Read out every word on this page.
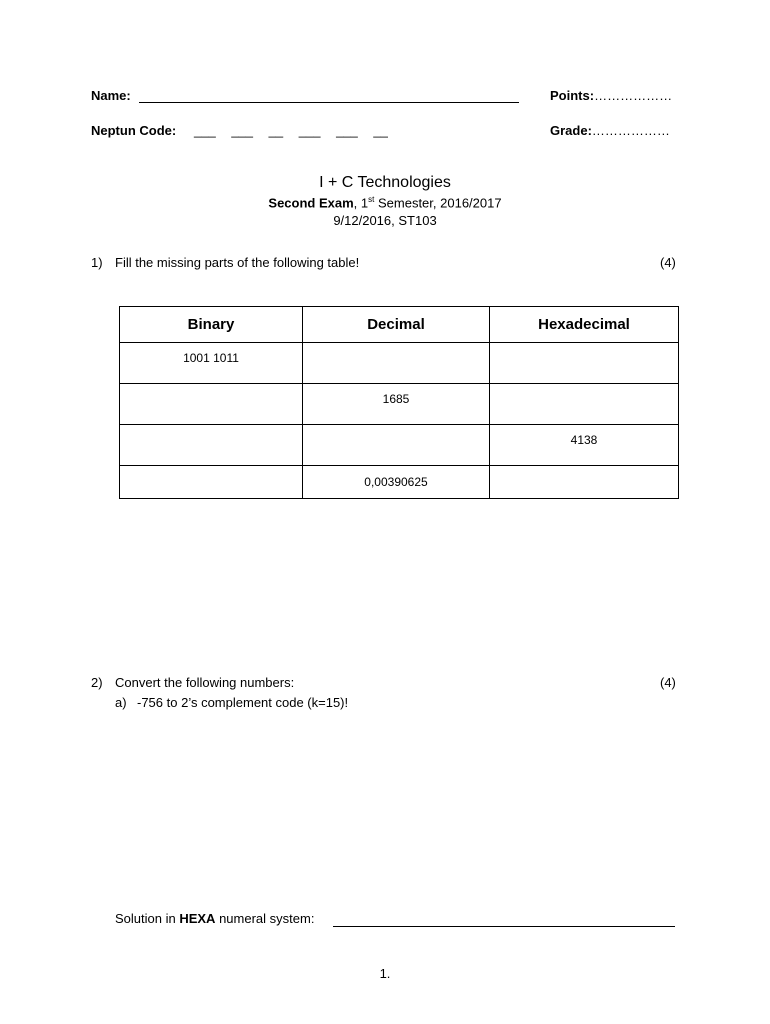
Name:	Points:………………
Neptun Code: ___ ___ __ ___ ___ __	Grade:………………
I + C Technologies
Second Exam, 1st Semester, 2016/2017
9/12/2016, ST103
1) Fill the missing parts of the following table!	(4)
Binary	Decimal	Hexadecimal
1001 1011		
	1685	
		4138
	0,00390625	
2) Convert the following numbers:	(4)
a) -756 to 2’s complement code (k=15)!
Solution in HEXA numeral system:
1.
